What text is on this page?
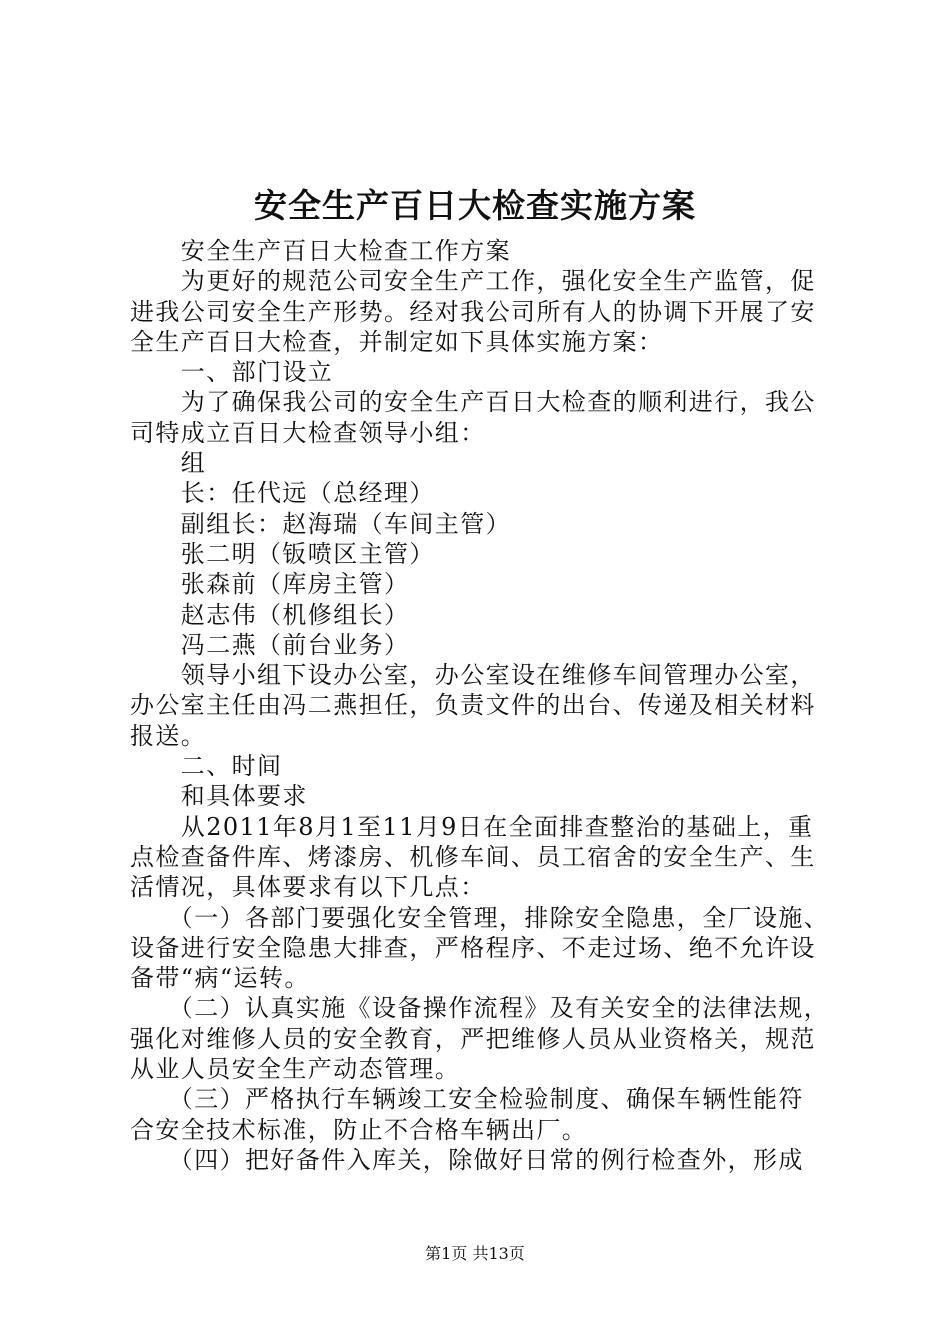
安全生产百日大检查实施方案

　　安全生产百日大检查工作方案

　　为更好的规范公司安全生产工作，强化安全生产监管，促

进我公司安全生产形势。经对我公司所有人的协调下开展了安

全生产百日大检查，并制定如下具体实施方案：

　　一、部门设立

　　为了确保我公司的安全生产百日大检查的顺利进行，我公

司特成立百日大检查领导小组：

　　组

　　长：任代远（总经理）

　　副组长：赵海瑞（车间主管）

　　张二明（钣喷区主管）

　　张森前（库房主管）

　　赵志伟（机修组长）

　　冯二燕（前台业务）

　　领导小组下设办公室，办公室设在维修车间管理办公室，

办公室主任由冯二燕担任，负责文件的出台、传递及相关材料

报送。

　　二、时间

　　和具体要求

　　从2011年8月1至11月9日在全面排查整治的基础上，重

点检查备件库、烤漆房、机修车间、员工宿舍的安全生产、生

活情况，具体要求有以下几点：

　　（一）各部门要强化安全管理，排除安全隐患，全厂设施、

设备进行安全隐患大排查，严格程序、不走过场、绝不允许设

备带“病“运转。

　　（二）认真实施《设备操作流程》及有关安全的法律法规，

强化对维修人员的安全教育，严把维修人员从业资格关，规范

从业人员安全生产动态管理。

　　（三）严格执行车辆竣工安全检验制度、确保车辆性能符

合安全技术标准，防止不合格车辆出厂。

　　（四）把好备件入库关，除做好日常的例行检查外，形成

第1页 共13页
